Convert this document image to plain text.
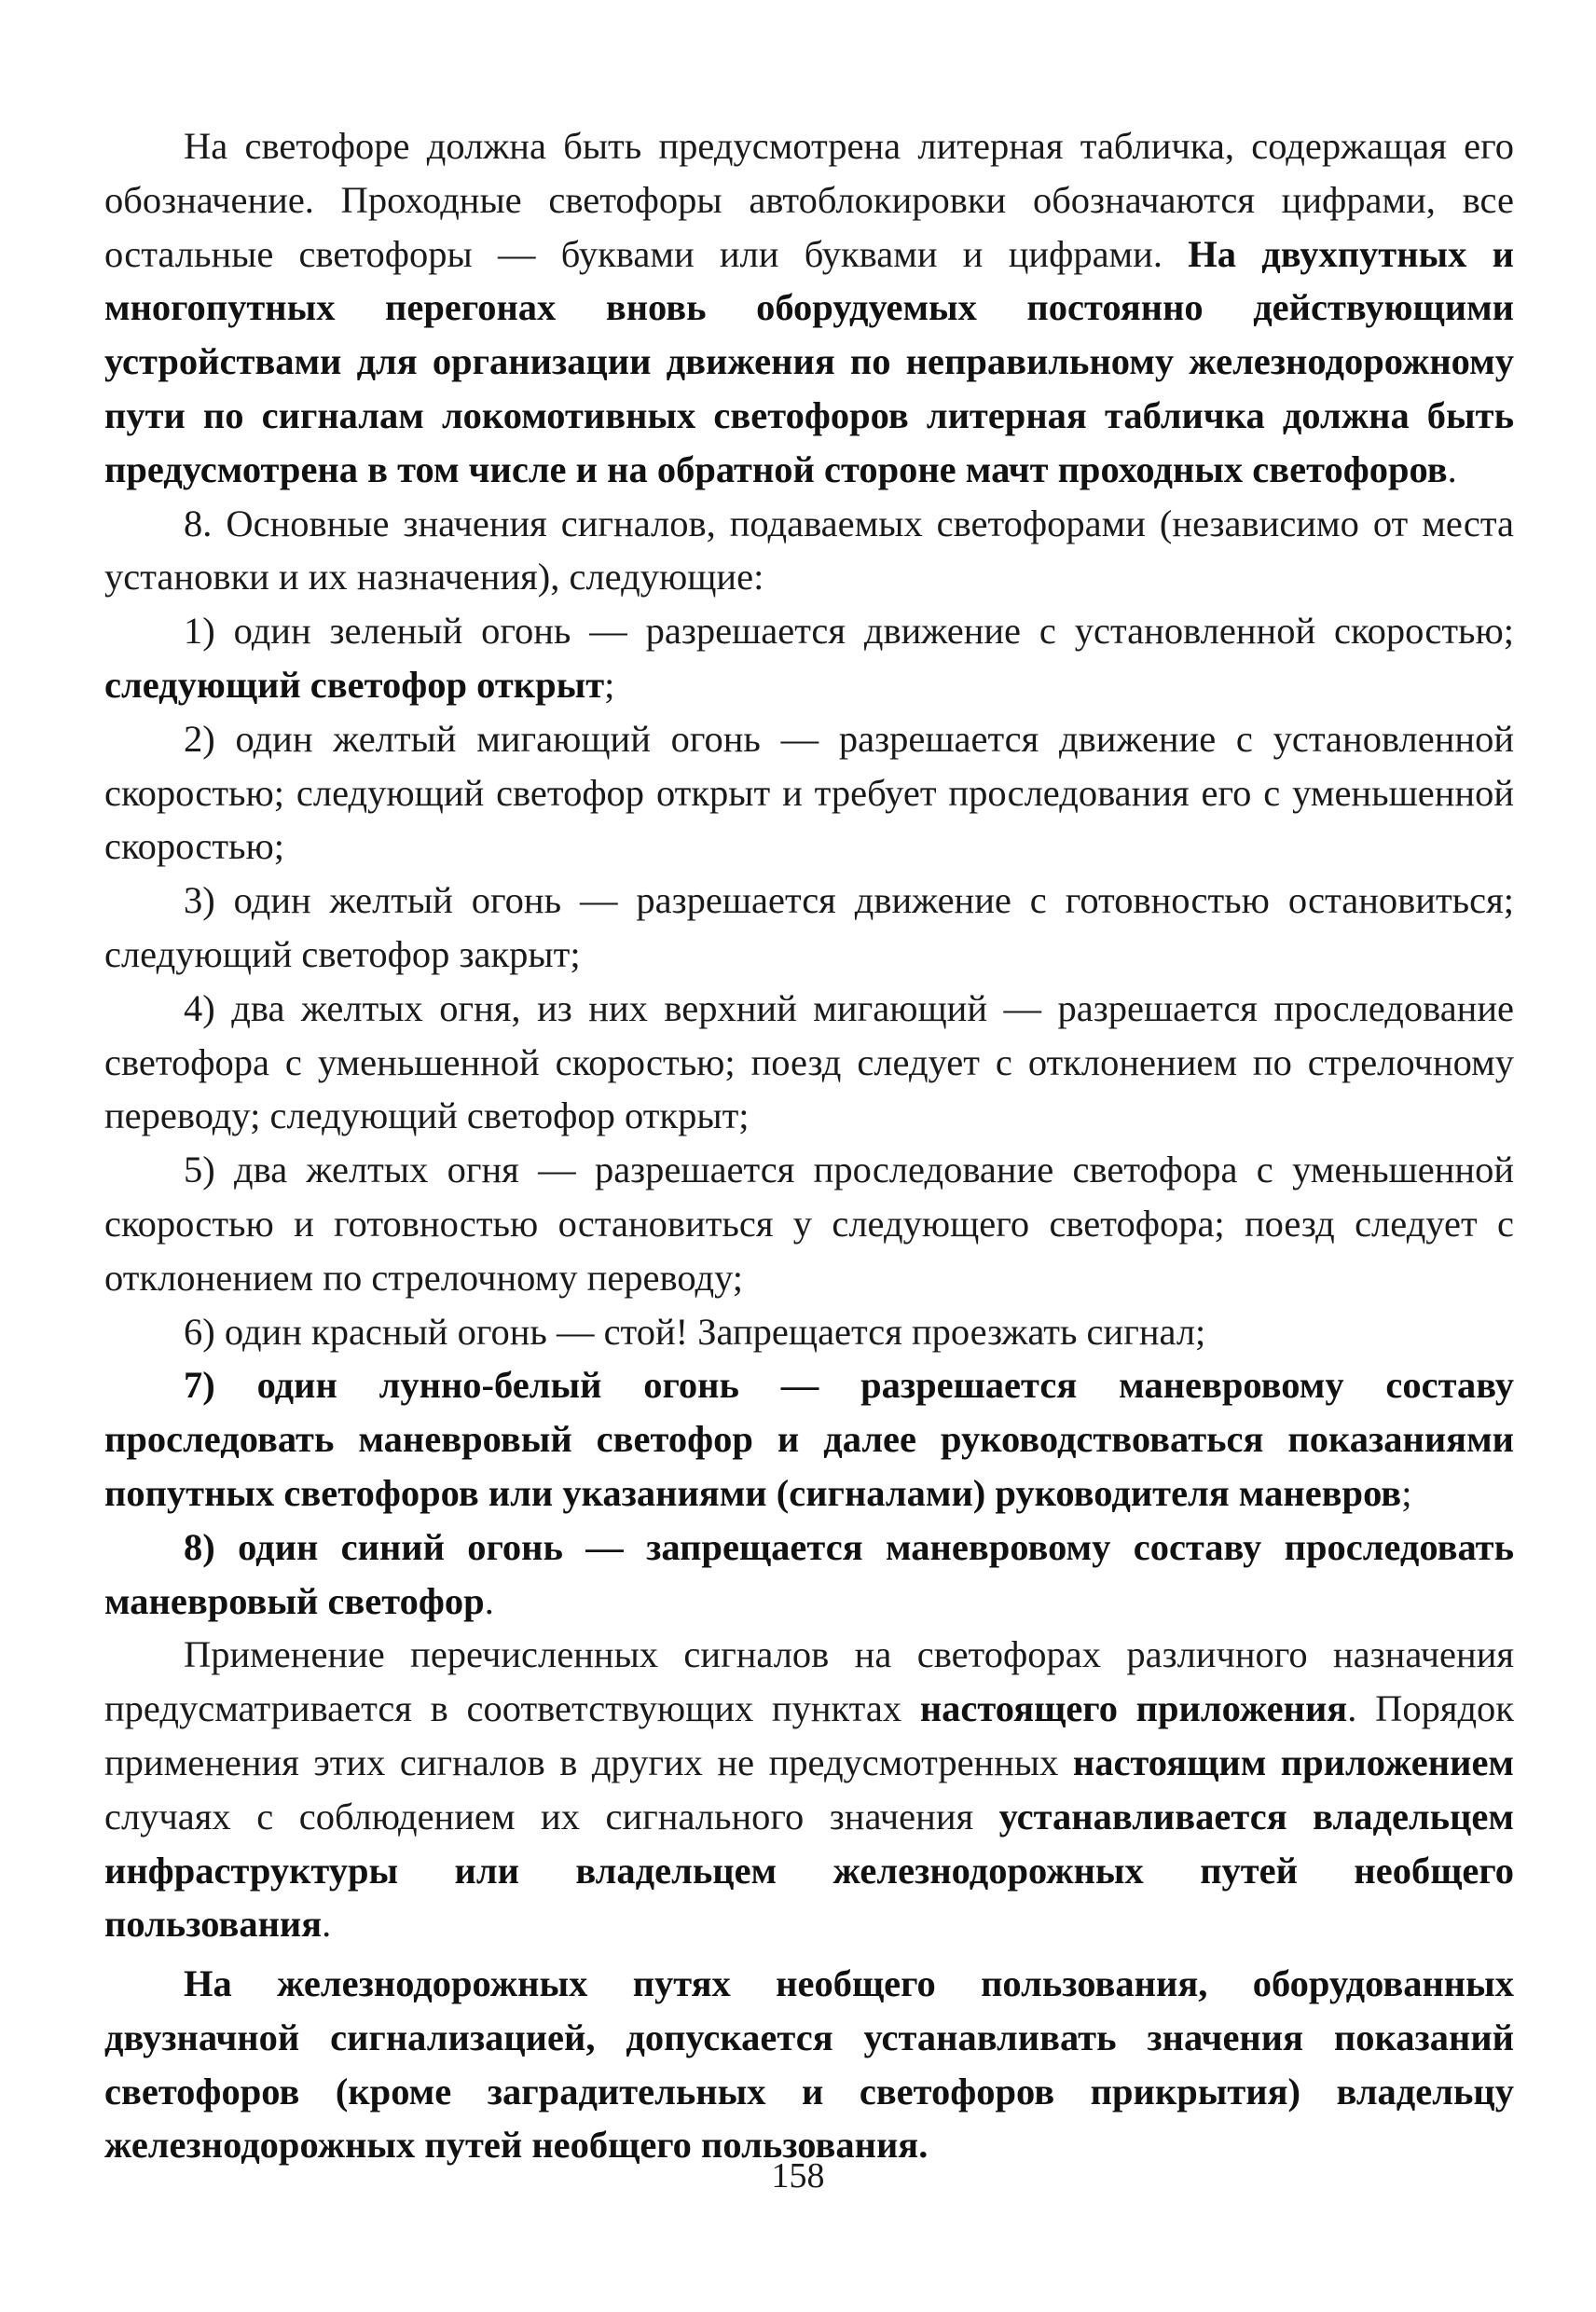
На светофоре должна быть предусмотрена литерная табличка, содержащая его обозначение. Проходные светофоры автоблокировки обозначаются цифрами, все остальные светофоры — буквами или буквами и цифрами. На двухпутных и многопутных перегонах вновь оборудуемых постоянно действующими устройствами для организации движения по неправильному железнодорожному пути по сигналам локомотивных светофоров литерная табличка должна быть предусмотрена в том числе и на обратной стороне мачт проходных светофоров.

8. Основные значения сигналов, подаваемых светофорами (независимо от места установки и их назначения), следующие:

1) один зеленый огонь — разрешается движение с установленной скоростью; следующий светофор открыт;

2) один желтый мигающий огонь — разрешается движение с установленной скоростью; следующий светофор открыт и требует проследования его с уменьшенной скоростью;

3) один желтый огонь — разрешается движение с готовностью остановиться; следующий светофор закрыт;

4) два желтых огня, из них верхний мигающий — разрешается проследование светофора с уменьшенной скоростью; поезд следует с отклонением по стрелочному переводу; следующий светофор открыт;

5) два желтых огня — разрешается проследование светофора с уменьшенной скоростью и готовностью остановиться у следующего светофора; поезд следует с отклонением по стрелочному переводу;

6) один красный огонь — стой! Запрещается проезжать сигнал;

7) один лунно-белый огонь — разрешается маневровому составу проследовать маневровый светофор и далее руководствоваться показаниями попутных светофоров или указаниями (сигналами) руководителя маневров;

8) один синий огонь — запрещается маневровому составу проследовать маневровый светофор.

Применение перечисленных сигналов на светофорах различного назначения предусматривается в соответствующих пунктах настоящего приложения. Порядок применения этих сигналов в других не предусмотренных настоящим приложением случаях с соблюдением их сигнального значения устанавливается владельцем инфраструктуры или владельцем железнодорожных путей необщего пользования.

На железнодорожных путях необщего пользования, оборудованных двузначной сигнализацией, допускается устанавливать значения показаний светофоров (кроме заградительных и светофоров прикрытия) владельцу железнодорожных путей необщего пользования.

158
